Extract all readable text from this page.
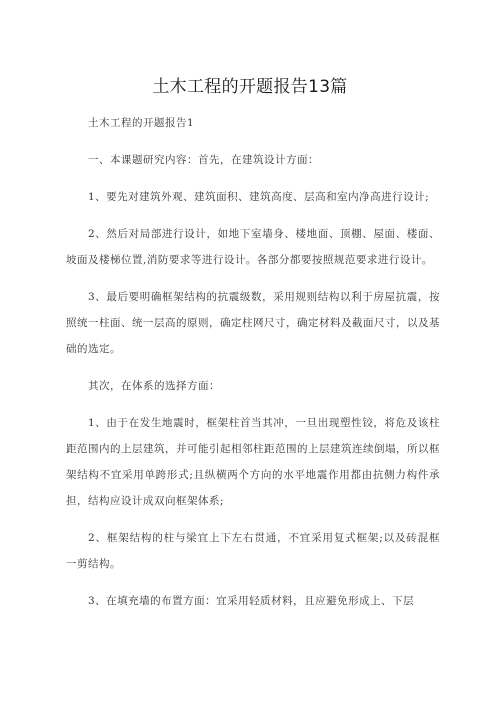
土木工程的开题报告13篇

土木工程的开题报告1

一、本课题研究内容：首先，在建筑设计方面：

1、要先对建筑外观、建筑面积、建筑高度、层高和室内净高进行设计;

2、然后对局部进行设计，如地下室墙身、楼地面、顶棚、屋面、楼面、坡面及楼梯位置,消防要求等进行设计。各部分都要按照规范要求进行设计。

3、最后要明确框架结构的抗震级数，采用规则结构以利于房屋抗震，按照统一柱面、统一层高的原则，确定柱网尺寸，确定材料及截面尺寸，以及基础的选定。

其次，在体系的选择方面：

1、由于在发生地震时，框架柱首当其冲，一旦出现塑性铰，将危及该柱距范围内的上层建筑，并可能引起相邻柱距范围的上层建筑连续倒塌，所以框架结构不宜采用单跨形式;且纵横两个方向的水平地震作用都由抗侧力构件承担，结构应设计成双向框架体系;

2、框架结构的柱与梁宜上下左右贯通，不宜采用复式框架;以及砖混框一剪结构。

3、在填充墙的布置方面：宜采用轻质材料，且应避免形成上、下层
